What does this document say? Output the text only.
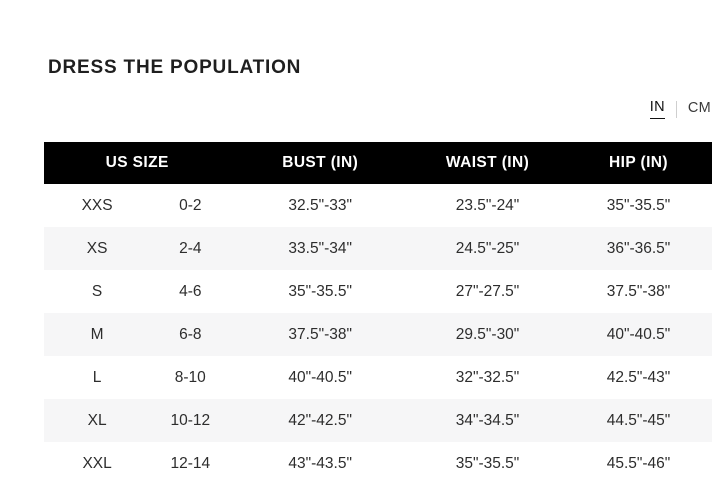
DRESS THE POPULATION
IN CM
US SIZE	BUST (IN)	WAIST (IN)	HIP (IN)
XXS	0-2	32.5"-33"	23.5"-24"	35"-35.5"
XS	2-4	33.5"-34"	24.5"-25"	36"-36.5"
S	4-6	35"-35.5"	27"-27.5"	37.5"-38"
M	6-8	37.5"-38"	29.5"-30"	40"-40.5"
L	8-10	40"-40.5"	32"-32.5"	42.5"-43"
XL	10-12	42"-42.5"	34"-34.5"	44.5"-45"
XXL	12-14	43"-43.5"	35"-35.5"	45.5"-46"
